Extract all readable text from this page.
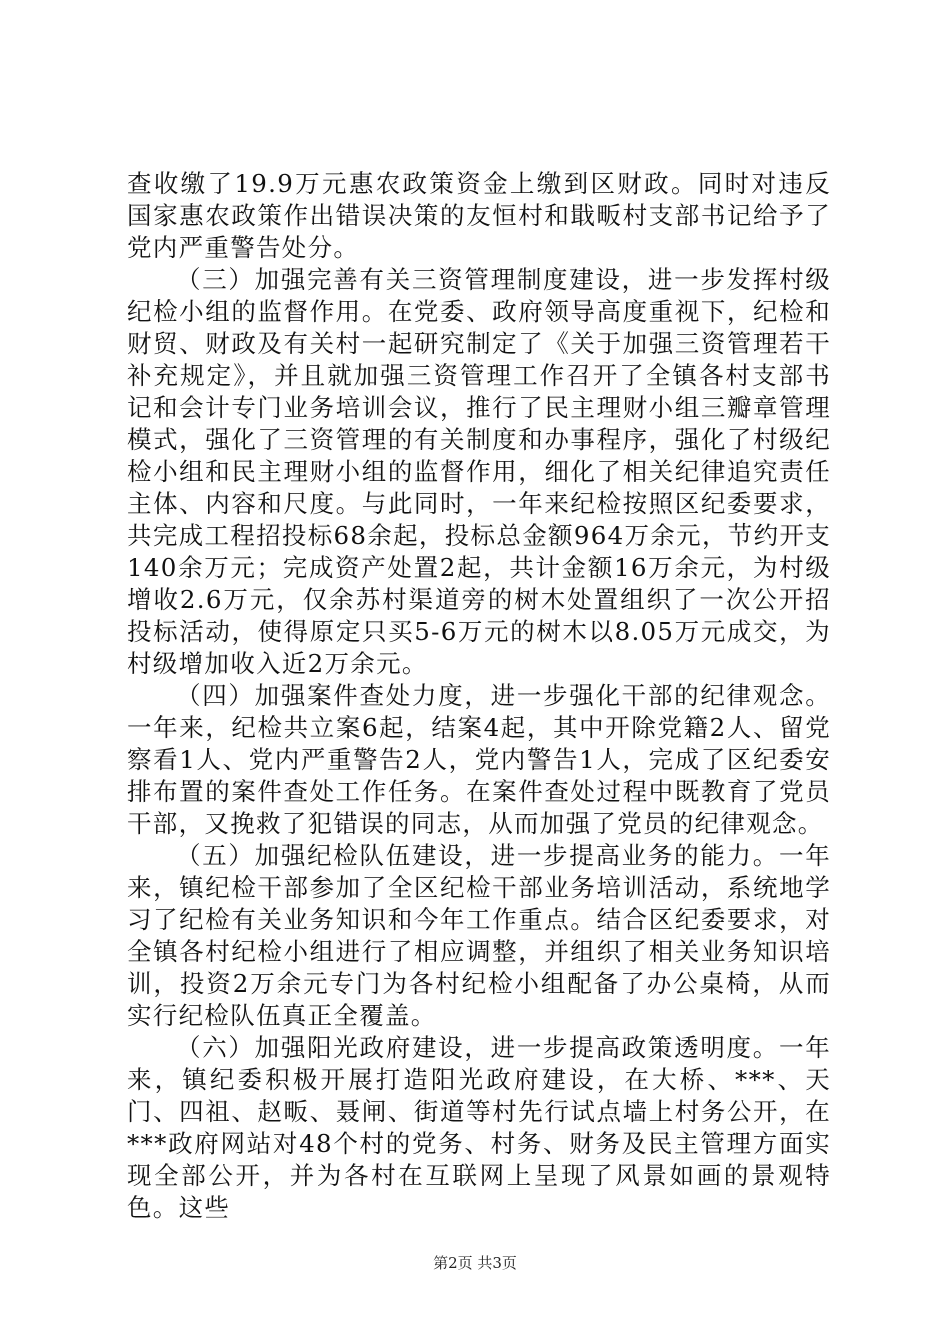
查收缴了19.9万元惠农政策资金上缴到区财政。同时对违反国家惠农政策作出错误决策的友恒村和戢畈村支部书记给予了党内严重警告处分。

（三）加强完善有关三资管理制度建设，进一步发挥村级纪检小组的监督作用。在党委、政府领导高度重视下，纪检和财贸、财政及有关村一起研究制定了《关于加强三资管理若干补充规定》，并且就加强三资管理工作召开了全镇各村支部书记和会计专门业务培训会议，推行了民主理财小组三瓣章管理模式，强化了三资管理的有关制度和办事程序，强化了村级纪检小组和民主理财小组的监督作用，细化了相关纪律追究责任主体、内容和尺度。与此同时，一年来纪检按照区纪委要求，共完成工程招投标68余起，投标总金额964万余元，节约开支140余万元；完成资产处置2起，共计金额16万余元，为村级增收2.6万元，仅余苏村渠道旁的树木处置组织了一次公开招投标活动，使得原定只买5-6万元的树木以8.05万元成交，为村级增加收入近2万余元。

（四）加强案件查处力度，进一步强化干部的纪律观念。一年来，纪检共立案6起，结案4起，其中开除党籍2人、留党察看1人、党内严重警告2人，党内警告1人，完成了区纪委安排布置的案件查处工作任务。在案件查处过程中既教育了党员干部，又挽救了犯错误的同志，从而加强了党员的纪律观念。

（五）加强纪检队伍建设，进一步提高业务的能力。一年来，镇纪检干部参加了全区纪检干部业务培训活动，系统地学习了纪检有关业务知识和今年工作重点。结合区纪委要求，对全镇各村纪检小组进行了相应调整，并组织了相关业务知识培训，投资2万余元专门为各村纪检小组配备了办公桌椅，从而实行纪检队伍真正全覆盖。

（六）加强阳光政府建设，进一步提高政策透明度。一年来，镇纪委积极开展打造阳光政府建设，在大桥、***、天门、四祖、赵畈、聂闸、街道等村先行试点墙上村务公开，在***政府网站对48个村的党务、村务、财务及民主管理方面实现全部公开，并为各村在互联网上呈现了风景如画的景观特色。这些

第2页 共3页
